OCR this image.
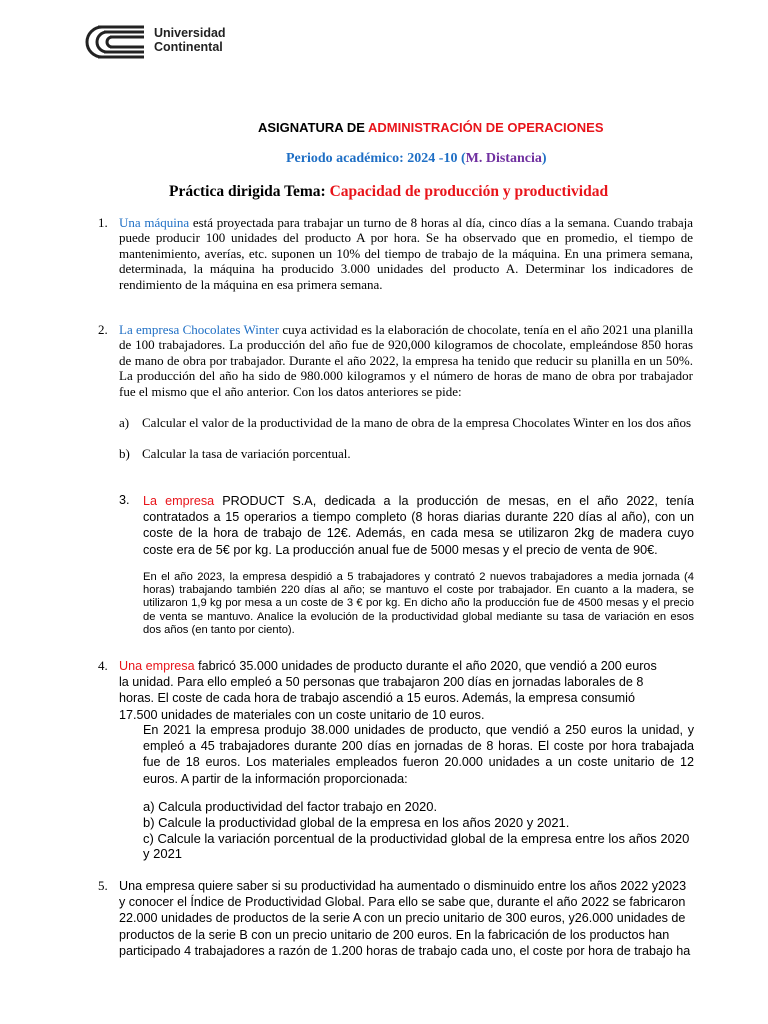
Universidad
Continental
ASIGNATURA DE ADMINISTRACIÓN DE OPERACIONES
Periodo académico: 2024 -10 (M. Distancia)
Práctica dirigida Tema: Capacidad de producción y productividad
1. Una máquina está proyectada para trabajar un turno de 8 horas al día, cinco días a la semana. Cuando trabaja puede producir 100 unidades del producto A por hora. Se ha observado que en promedio, el tiempo de mantenimiento, averías, etc. suponen un 10% del tiempo de trabajo de la máquina. En una primera semana, determinada, la máquina ha producido 3.000 unidades del producto A. Determinar los indicadores de rendimiento de la máquina en esa primera semana.
2. La empresa Chocolates Winter cuya actividad es la elaboración de chocolate, tenía en el año 2021 una planilla de 100 trabajadores. La producción del año fue de 920,000 kilogramos de chocolate, empleándose 850 horas de mano de obra por trabajador. Durante el año 2022, la empresa ha tenido que reducir su planilla en un 50%. La producción del año ha sido de 980.000 kilogramos y el número de horas de mano de obra por trabajador fue el mismo que el año anterior. Con los datos anteriores se pide:
a) Calcular el valor de la productividad de la mano de obra de la empresa Chocolates Winter en los dos años
b) Calcular la tasa de variación porcentual.
3. La empresa PRODUCT S.A, dedicada a la producción de mesas, en el año 2022, tenía contratados a 15 operarios a tiempo completo (8 horas diarias durante 220 días al año), con un coste de la hora de trabajo de 12€. Además, en cada mesa se utilizaron 2kg de madera cuyo coste era de 5€ por kg. La producción anual fue de 5000 mesas y el precio de venta de 90€.
En el año 2023, la empresa despidió a 5 trabajadores y contrató 2 nuevos trabajadores a media jornada (4 horas) trabajando también 220 días al año; se mantuvo el coste por trabajador. En cuanto a la madera, se utilizaron 1,9 kg por mesa a un coste de 3 € por kg. En dicho año la producción fue de 4500 mesas y el precio de venta se mantuvo. Analice la evolución de la productividad global mediante su tasa de variación en esos dos años (en tanto por ciento).
4. Una empresa fabricó 35.000 unidades de producto durante el año 2020, que vendió a 200 euros la unidad. Para ello empleó a 50 personas que trabajaron 200 días en jornadas laborales de 8 horas. El coste de cada hora de trabajo ascendió a 15 euros. Además, la empresa consumió 17.500 unidades de materiales con un coste unitario de 10 euros.
En 2021 la empresa produjo 38.000 unidades de producto, que vendió a 250 euros la unidad, y empleó a 45 trabajadores durante 200 días en jornadas de 8 horas. El coste por hora trabajada fue de 18 euros. Los materiales empleados fueron 20.000 unidades a un coste unitario de 12 euros. A partir de la información proporcionada:
a) Calcula productividad del factor trabajo en 2020.
b) Calcule la productividad global de la empresa en los años 2020 y 2021.
c) Calcule la variación porcentual de la productividad global de la empresa entre los años 2020 y 2021
5. Una empresa quiere saber si su productividad ha aumentado o disminuido entre los años 2022 y2023 y conocer el Índice de Productividad Global. Para ello se sabe que, durante el año 2022 se fabricaron 22.000 unidades de productos de la serie A con un precio unitario de 300 euros, y26.000 unidades de productos de la serie B con un precio unitario de 200 euros. En la fabricación de los productos han participado 4 trabajadores a razón de 1.200 horas de trabajo cada uno, el coste por hora de trabajo ha
